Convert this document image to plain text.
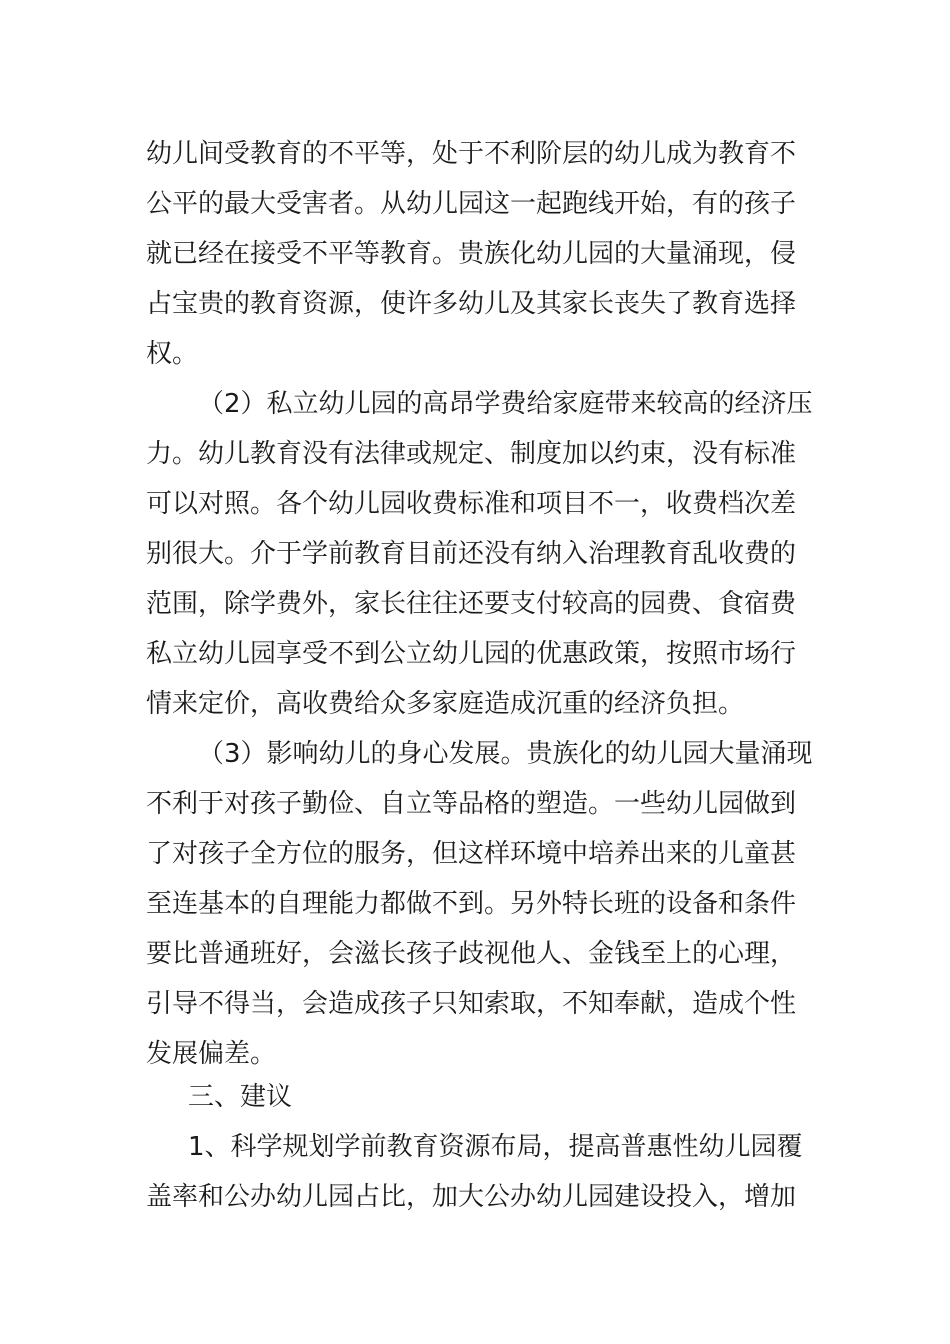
幼儿间受教育的不平等，处于不利阶层的幼儿成为教育不

公平的最大受害者。从幼儿园这一起跑线开始，有的孩子

就已经在接受不平等教育。贵族化幼儿园的大量涌现，侵

占宝贵的教育资源，使许多幼儿及其家长丧失了教育选择

权。

（2）私立幼儿园的高昂学费给家庭带来较高的经济压

力。幼儿教育没有法律或规定、制度加以约束，没有标准

可以对照。各个幼儿园收费标准和项目不一，收费档次差

别很大。介于学前教育目前还没有纳入治理教育乱收费的

范围，除学费外，家长往往还要支付较高的园费、食宿费

私立幼儿园享受不到公立幼儿园的优惠政策，按照市场行

情来定价，高收费给众多家庭造成沉重的经济负担。

（3）影响幼儿的身心发展。贵族化的幼儿园大量涌现

不利于对孩子勤俭、自立等品格的塑造。一些幼儿园做到

了对孩子全方位的服务，但这样环境中培养出来的儿童甚

至连基本的自理能力都做不到。另外特长班的设备和条件

要比普通班好，会滋长孩子歧视他人、金钱至上的心理，

引导不得当，会造成孩子只知索取，不知奉献，造成个性

发展偏差。

三、建议

1、科学规划学前教育资源布局，提高普惠性幼儿园覆

盖率和公办幼儿园占比，加大公办幼儿园建设投入，增加
